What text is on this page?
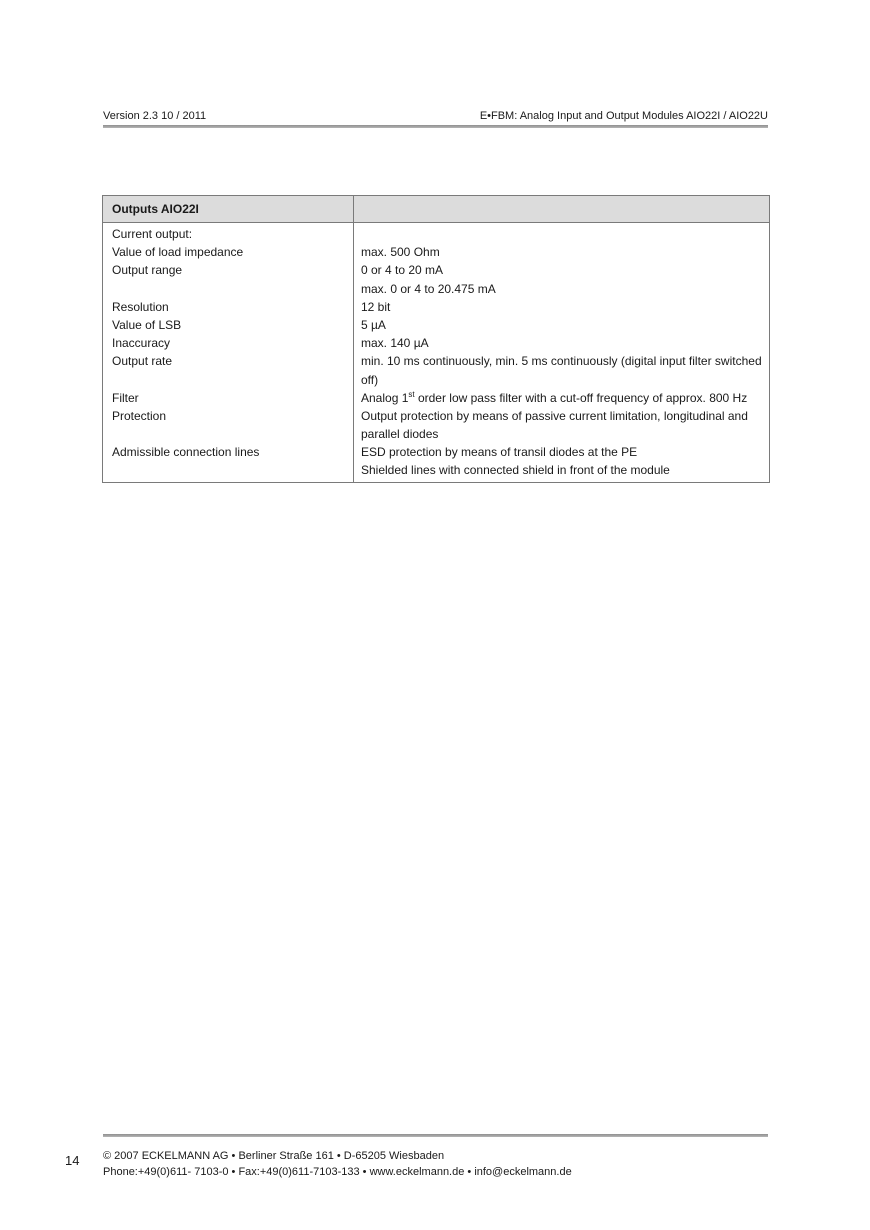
Version 2.3 10 / 2011	E•FBM: Analog Input and Output Modules AIO22I / AIO22U
Outputs AIO22I
Current output:
Value of load impedance	max. 500 Ohm
Output range	0 or 4 to 20 mA
max. 0 or 4 to 20.475 mA
Resolution	12 bit
Value of LSB	5 µA
Inaccuracy	max. 140 µA
Output rate	min. 10 ms continuously, min. 5 ms continuously (digital input filter switched
off)
Filter	Analog 1st order low pass filter with a cut-off frequency of approx. 800 Hz
Protection	Output protection by means of passive current limitation, longitudinal and
parallel diodes
Admissible connection lines	ESD protection by means of transil diodes at the PE
Shielded lines with connected shield in front of the module
14 © 2007 ECKELMANN AG • Berliner Straße 161 • D-65205 Wiesbaden
Phone:+49(0)611- 7103-0 • Fax:+49(0)611-7103-133 • www.eckelmann.de • info@eckelmann.de
